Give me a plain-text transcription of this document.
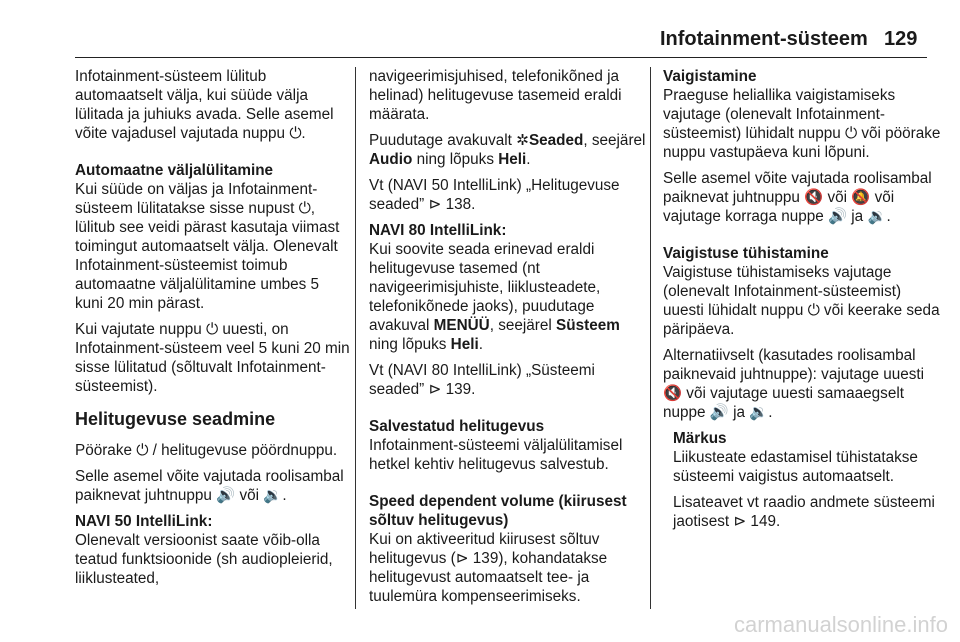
Infotainment-süsteem 129

Infotainment-süsteem lülitub automaatselt välja, kui süüde välja lülitada ja juhiuks avada. Selle asemel võite vajadusel vajutada nuppu ⏻.

Automaatne väljalülitamine

Kui süüde on väljas ja Infotainment-süsteem lülitatakse sisse nupust ⏻, lülitub see veidi pärast kasutaja viimast toimingut automaatselt välja. Olenevalt Infotainment-süsteemist toimub automaatne väljalülitamine umbes 5 kuni 20 min pärast.

Kui vajutate nuppu ⏻ uuesti, on Infotainment-süsteem veel 5 kuni 20 min sisse lülitatud (sõltuvalt Infotainment-süsteemist).

Helitugevuse seadmine

Pöörake ⏻ / helitugevuse pöördnuppu.

Selle asemel võite vajutada roolisambal paiknevat juhtnuppu 🔊 või 🔉.

NAVI 50 IntelliLink:

Olenevalt versioonist saate võib-olla teatud funktsioonide (sh audiopleierid, liiklusteated,

navigeerimisjuhised, telefonikõned ja helinad) helitugevuse tasemeid eraldi määrata.

Puudutage avakuvalt ✲Seaded, seejärel Audio ning lõpuks Heli.

Vt (NAVI 50 IntelliLink) „Helitugevuse seaded” ⊳ 138.

NAVI 80 IntelliLink:

Kui soovite seada erinevad eraldi helitugevuse tasemed (nt navigeerimisjuhiste, liiklusteadete, telefonikõnede jaoks), puudutage avakuval MENÜÜ, seejärel Süsteem ning lõpuks Heli.

Vt (NAVI 80 IntelliLink) „Süsteemi seaded” ⊳ 139.

Salvestatud helitugevus

Infotainment-süsteemi väljalülitamisel hetkel kehtiv helitugevus salvestub.

Speed dependent volume (kiirusest sõltuv helitugevus)

Kui on aktiveeritud kiirusest sõltuv helitugevus (⊳ 139), kohandatakse helitugevust automaatselt tee- ja tuulemüra kompenseerimiseks.

Vaigistamine

Praeguse heliallika vaigistamiseks vajutage (olenevalt Infotainment-süsteemist) lühidalt nuppu ⏻ või pöörake nuppu vastupäeva kuni lõpuni.

Selle asemel võite vajutada roolisambal paiknevat juhtnuppu 🔇 või 🔕 või vajutage korraga nuppe 🔊 ja 🔉.

Vaigistuse tühistamine

Vaigistuse tühistamiseks vajutage (olenevalt Infotainment-süsteemist) uuesti lühidalt nuppu ⏻ või keerake seda päripäeva.

Alternatiivselt (kasutades roolisambal paiknevaid juhtnuppe): vajutage uuesti 🔇 või vajutage uuesti samaaegselt nuppe 🔊 ja 🔉.

Märkus

Liikusteate edastamisel tühistatakse süsteemi vaigistus automaatselt.

Lisateavet vt raadio andmete süsteemi jaotisest ⊳ 149.

carmanualsonline.info
